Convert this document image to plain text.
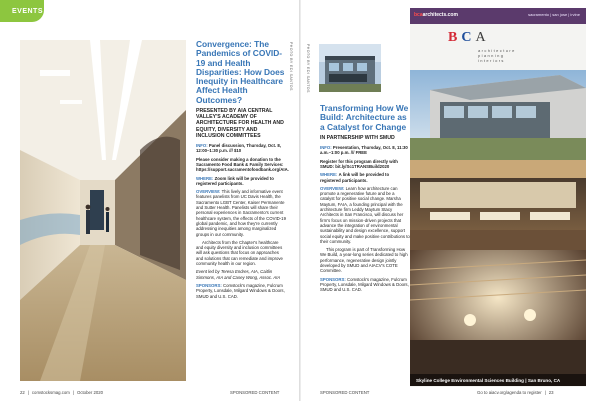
EVENTS
PHOTO BY EDI SANTOS
Convergence: The Pandemics of COVID-19 and Health Disparities: How Does Inequity in Healthcare Affect Health Outcomes?
PRESENTED BY AIA CENTRAL VALLEY'S ACADEMY OF ARCHITECTURE FOR HEALTH AND EQUITY, DIVERSITY AND INCLUSION COMMITTEES

INFO: Panel discussion, Thursday, Oct. 8, 12:00–1:30 p.m. /// $10

Please consider making a donation to the Sacramento Food Bank & Family Services: https://support.sacramentofoodbank.org/AIA.

WHERE: Zoom link will be provided to registered participants.

OVERVIEW: This lively and informative event features panelists from UC Davis Health, the Sacramento LGBT Center, Kaiser Permanente and Sutter Health. Panelists will share their personal experiences in Sacramento's current healthcare system, the effects of the COVID-19 global pandemic, and how they're currently addressing inequities among marginalized groups in our community.

Architects from the Chapter's healthcare and equity diversity and inclusion committees will ask questions that focus on approaches and solutions that can remediate and improve community health in our region.

Event led by Teresa Endres, AIA, Caitlin Simmons, AIA and Casey Wong, Assoc. AIA

SPONSORS: Comstock's magazine, Fulcrum Property, Lonsdale, Milgard Windows & Doors, SMUD and U.S. CAD.

22 | comstocksmag.com | October 2020	SPONSORED CONTENT
PHOTO BY EDI SANTOS
Transforming How We Build: Architecture as a Catalyst for Change
IN PARTNERSHIP WITH SMUD

INFO: Presentation, Thursday, Oct. 8, 11:30 a.m.–1:00 p.m. /// FREE

Register for this program directly with SMUD: bit.ly/Sc1TRANSBuild2020

WHERE: A link will be provided to registered participants.

OVERVIEW: Learn how architecture can promote a regenerative future and be a catalyst for positive social change. Marsha Maytum, FAIA, a founding principal with the architecture firm Leddy Maytum Stacy Architects in San Francisco, will discuss her firm's focus on mission-driven projects that advance the integration of environmental sustainability and design excellence, support social equity and make positive contributions to their community.

This program is part of Transforming How We Build, a year-long series dedicated to high performance, regenerative design jointly developed by SMUD and AIACV's COTE Committee.

SPONSORS: Comstock's magazine, Fulcrum Property, Lonsdale, Milgard Windows & Doors, SMUD and U.S. CAD.

bcaarchitects.com	sacramento | san jose | irvine
BCA
architecture
planning
interiors
Skyline College Environmental Sciences Building | San Bruno, CA
SPONSORED CONTENT	Go to aiacv.org/agenda to register | 23
